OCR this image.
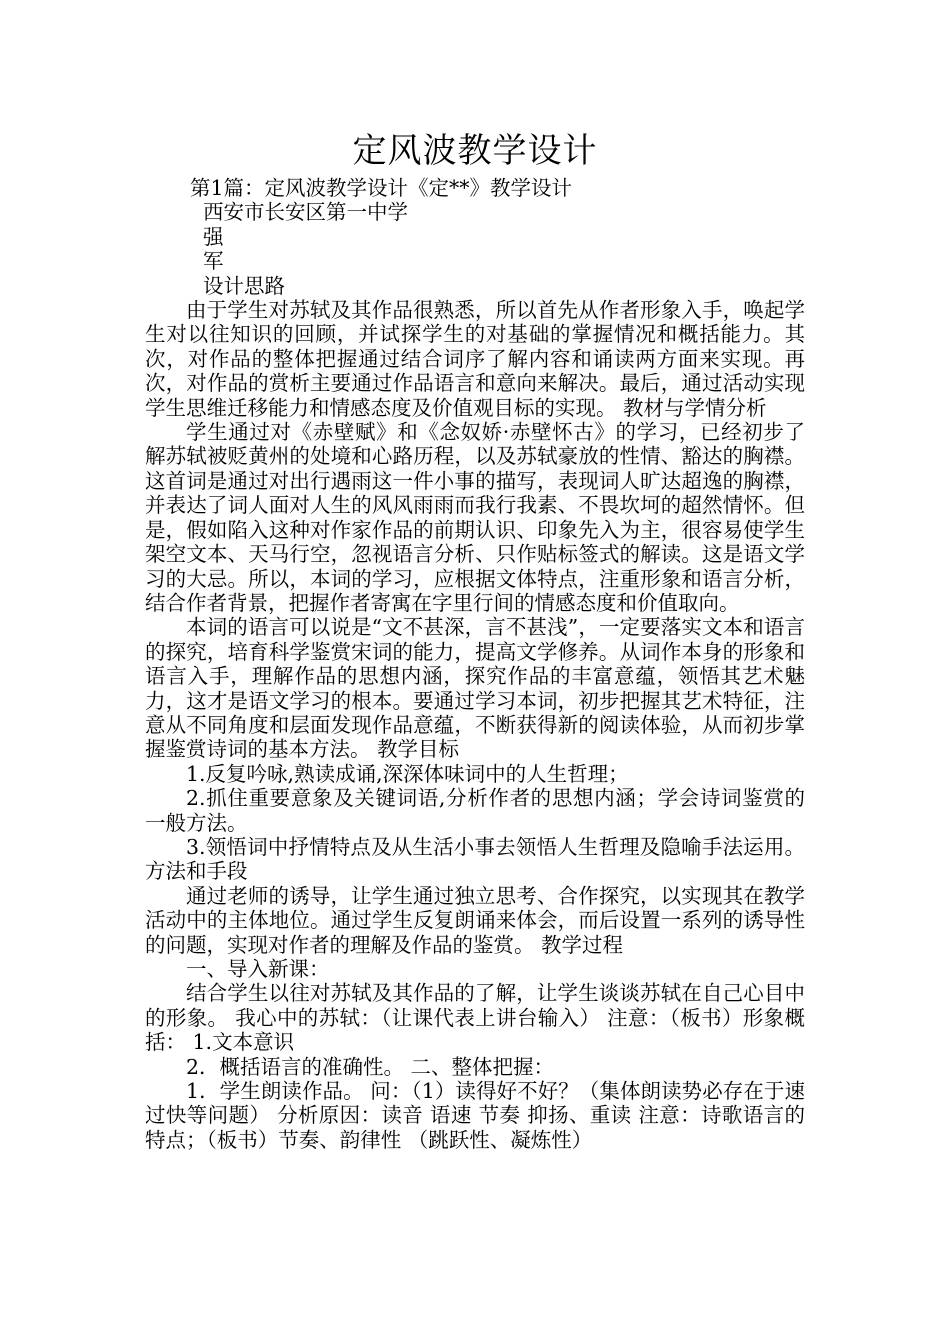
定风波教学设计
第1篇：定风波教学设计《定**》教学设计
西安市长安区第一中学
强
军
设计思路

由于学生对苏轼及其作品很熟悉，所以首先从作者形象入手，唤起学生对以往知识的回顾，并试探学生的对基础的掌握情况和概括能力。其次，对作品的整体把握通过结合词序了解内容和诵读两方面来实现。再次，对作品的赏析主要通过作品语言和意向来解决。最后，通过活动实现学生思维迁移能力和情感态度及价值观目标的实现。 教材与学情分析

学生通过对《赤壁赋》和《念奴娇·赤壁怀古》的学习，已经初步了解苏轼被贬黄州的处境和心路历程，以及苏轼豪放的性情、豁达的胸襟。这首词是通过对出行遇雨这一件小事的描写，表现词人旷达超逸的胸襟，并表达了词人面对人生的风风雨雨而我行我素、不畏坎坷的超然情怀。但是，假如陷入这种对作家作品的前期认识、印象先入为主，很容易使学生架空文本、天马行空，忽视语言分析、只作贴标签式的解读。这是语文学习的大忌。所以，本词的学习，应根据文体特点，注重形象和语言分析，结合作者背景，把握作者寄寓在字里行间的情感态度和价值取向。

本词的语言可以说是“文不甚深，言不甚浅”，一定要落实文本和语言的探究，培育科学鉴赏宋词的能力，提高文学修养。从词作本身的形象和语言入手，理解作品的思想内涵，探究作品的丰富意蕴，领悟其艺术魅力，这才是语文学习的根本。要通过学习本词，初步把握其艺术特征，注意从不同角度和层面发现作品意蕴，不断获得新的阅读体验，从而初步掌握鉴赏诗词的基本方法。 教学目标

1.反复吟咏,熟读成诵,深深体味词中的人生哲理；

2.抓住重要意象及关键词语,分析作者的思想内涵；学会诗词鉴赏的一般方法。

3.领悟词中抒情特点及从生活小事去领悟人生哲理及隐喻手法运用。 方法和手段

通过老师的诱导，让学生通过独立思考、合作探究，以实现其在教学活动中的主体地位。通过学生反复朗诵来体会，而后设置一系列的诱导性的问题，实现对作者的理解及作品的鉴赏。 教学过程

一、导入新课：

结合学生以往对苏轼及其作品的了解，让学生谈谈苏轼在自己心目中的形象。 我心中的苏轼：（让课代表上讲台输入） 注意：（板书）形象概括： 1.文本意识

2．概括语言的准确性。 二、整体把握：

1．学生朗读作品。 问：（1）读得好不好？（集体朗读势必存在于速过快等问题） 分析原因：读音 语速 节奏 抑扬、重读 注意：诗歌语言的特点；（板书）节奏、韵律性 （跳跃性、凝炼性）
